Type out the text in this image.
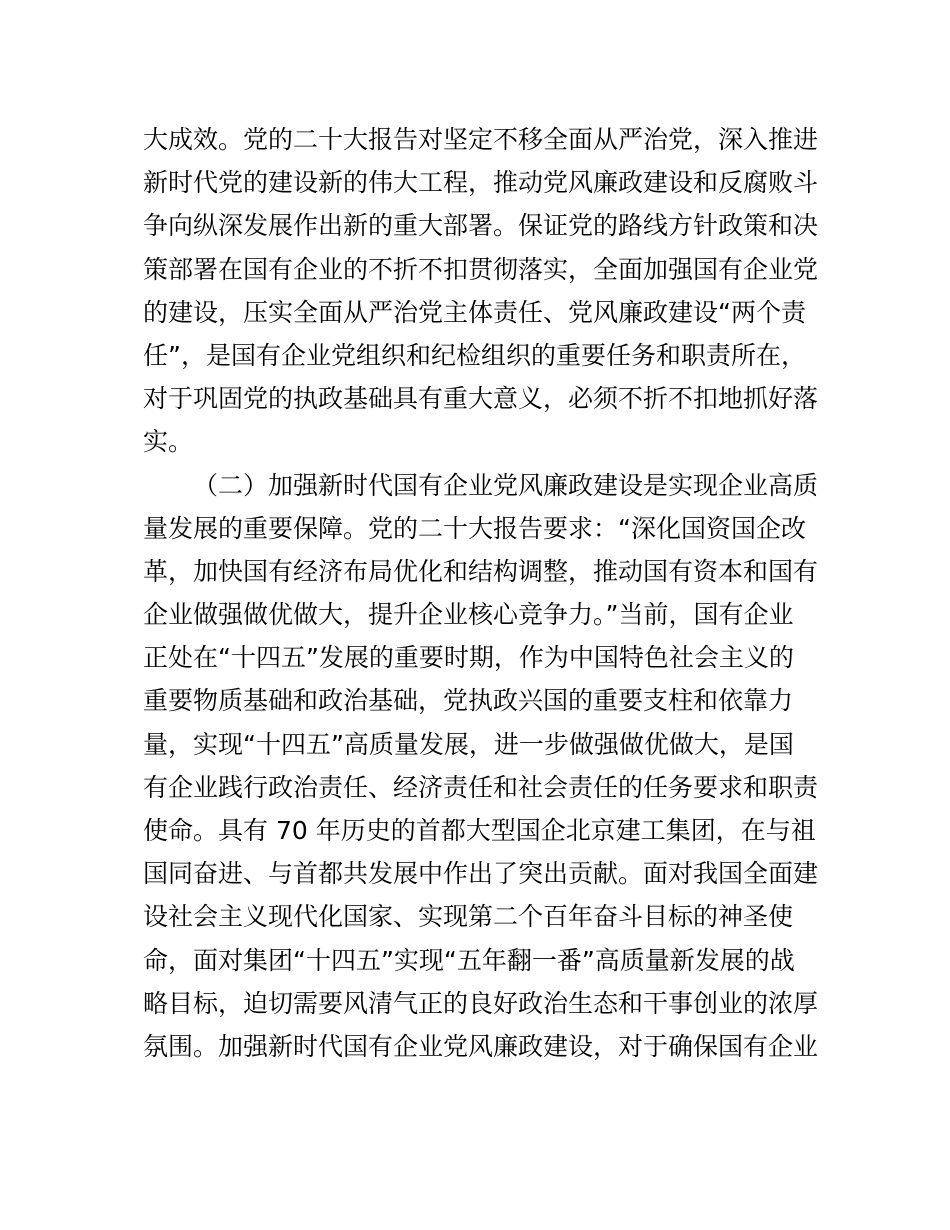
大成效。党的二十大报告对坚定不移全面从严治党，深入推进
新时代党的建设新的伟大工程，推动党风廉政建设和反腐败斗
争向纵深发展作出新的重大部署。保证党的路线方针政策和决
策部署在国有企业的不折不扣贯彻落实，全面加强国有企业党
的建设，压实全面从严治党主体责任、党风廉政建设“两个责
任”，是国有企业党组织和纪检组织的重要任务和职责所在，
对于巩固党的执政基础具有重大意义，必须不折不扣地抓好落
实。
（二）加强新时代国有企业党风廉政建设是实现企业高质
量发展的重要保障。党的二十大报告要求：“深化国资国企改
革，加快国有经济布局优化和结构调整，推动国有资本和国有
企业做强做优做大，提升企业核心竞争力。”当前，国有企业
正处在“十四五”发展的重要时期，作为中国特色社会主义的
重要物质基础和政治基础，党执政兴国的重要支柱和依靠力
量，实现“十四五”高质量发展，进一步做强做优做大，是国
有企业践行政治责任、经济责任和社会责任的任务要求和职责
使命。具有 70 年历史的首都大型国企北京建工集团，在与祖
国同奋进、与首都共发展中作出了突出贡献。面对我国全面建
设社会主义现代化国家、实现第二个百年奋斗目标的神圣使
命，面对集团“十四五”实现“五年翻一番”高质量新发展的战
略目标，迫切需要风清气正的良好政治生态和干事创业的浓厚
氛围。加强新时代国有企业党风廉政建设，对于确保国有企业
